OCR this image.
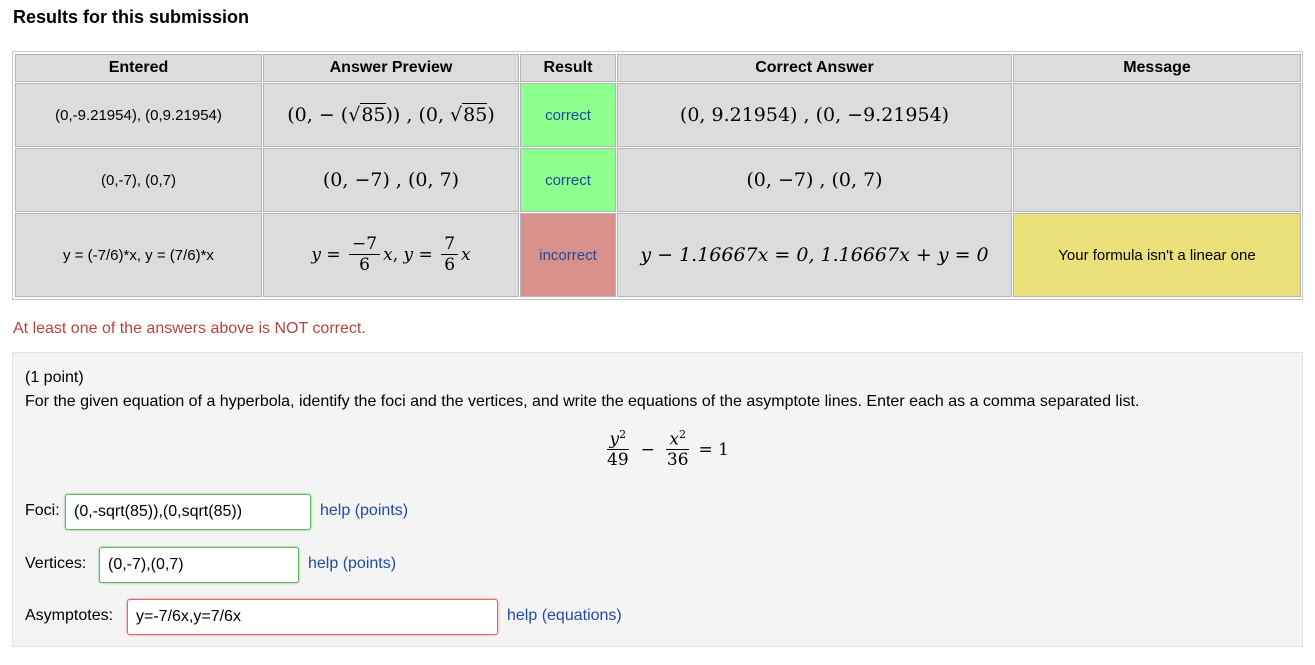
Results for this submission
Entered	Answer Preview	Result	Correct Answer	Message
(0,-9.21954), (0,9.21954)	(0, − (√85)) , (0, √85)	correct	(0, 9.21954) , (0, −9.21954)
(0,-7), (0,7)	(0, −7) , (0, 7)	correct	(0, −7) , (0, 7)
y = (-7/6)*x, y = (7/6)*x	$y = \frac{-7}{6}$ x , $y = \frac{7}{6}$ x	incorrect	y − 1.16667x = 0, 1.16667x + y = 0	Your formula isn't a linear one
At least one of the answers above is NOT correct.
(1 point)
For the given equation of a hyperbola, identify the foci and the vertices, and write the equations of the asymptote lines. Enter each as a comma separated list.
$\frac{y^2}{49} - \frac{x^2}{36} = 1$
Foci:
(0,-sqrt(85)),(0,sqrt(85))	help (points)
Vertices:
(0,-7),(0,7)	help (points)
Asymptotes:
y=-7/6x,y=7/6x	help (equations)
